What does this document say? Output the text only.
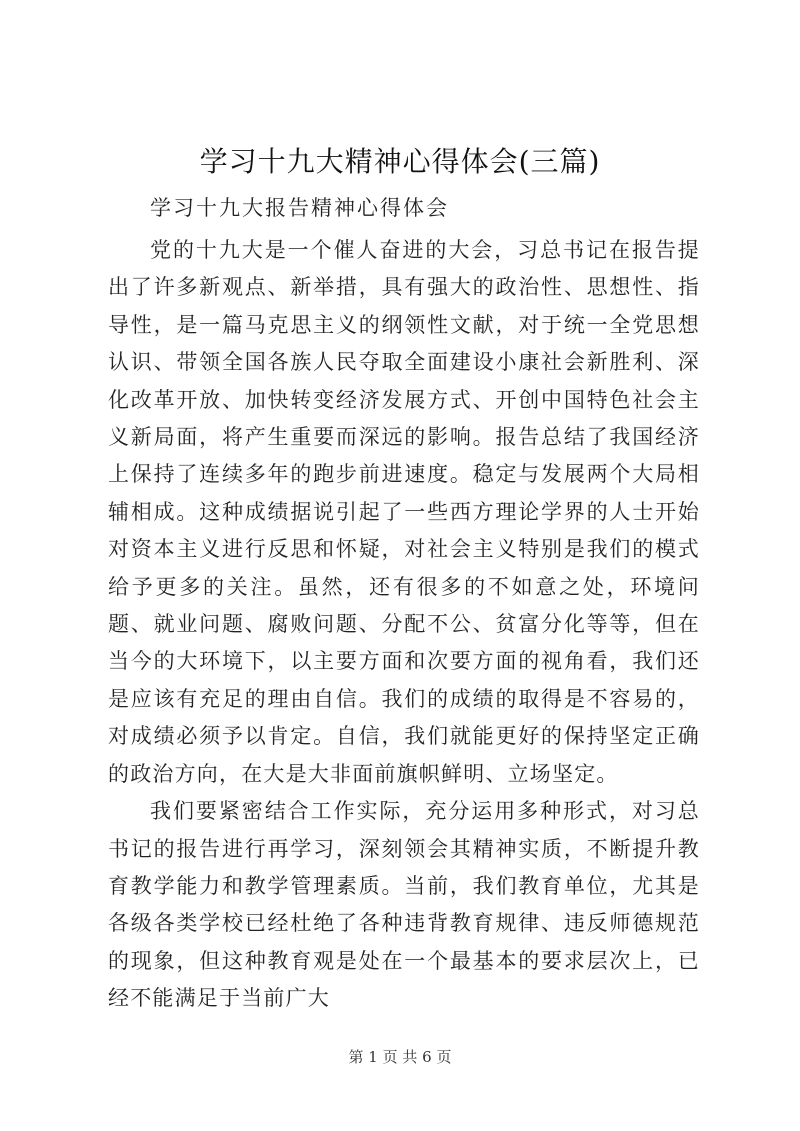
学习十九大精神心得体会(三篇)
学习十九大报告精神心得体会

党的十九大是一个催人奋进的大会，习总书记在报告提出了许多新观点、新举措，具有强大的政治性、思想性、指导性，是一篇马克思主义的纲领性文献，对于统一全党思想认识、带领全国各族人民夺取全面建设小康社会新胜利、深化改革开放、加快转变经济发展方式、开创中国特色社会主义新局面，将产生重要而深远的影响。报告总结了我国经济上保持了连续多年的跑步前进速度。稳定与发展两个大局相辅相成。这种成绩据说引起了一些西方理论学界的人士开始对资本主义进行反思和怀疑，对社会主义特别是我们的模式给予更多的关注。虽然，还有很多的不如意之处，环境问题、就业问题、腐败问题、分配不公、贫富分化等等，但在当今的大环境下，以主要方面和次要方面的视角看，我们还是应该有充足的理由自信。我们的成绩的取得是不容易的，对成绩必须予以肯定。自信，我们就能更好的保持坚定正确的政治方向，在大是大非面前旗帜鲜明、立场坚定。

我们要紧密结合工作实际，充分运用多种形式，对习总书记的报告进行再学习，深刻领会其精神实质，不断提升教育教学能力和教学管理素质。当前，我们教育单位，尤其是各级各类学校已经杜绝了各种违背教育规律、违反师德规范的现象，但这种教育观是处在一个最基本的要求层次上，已经不能满足于当前广大

第 1 页 共 6 页
